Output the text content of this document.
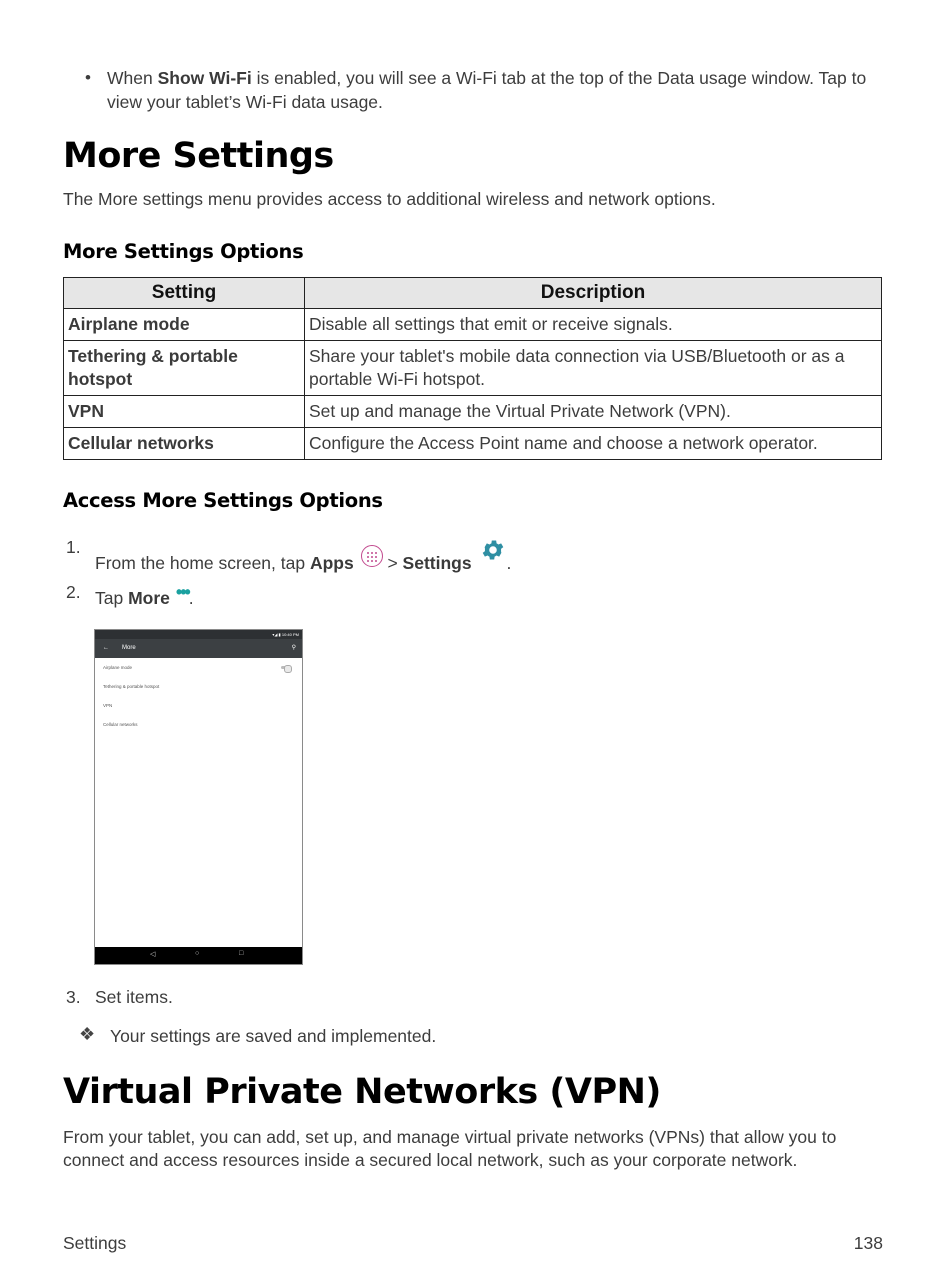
• When Show Wi-Fi is enabled, you will see a Wi-Fi tab at the top of the Data usage window. Tap to view your tablet’s Wi-Fi data usage.
More Settings
The More settings menu provides access to additional wireless and network options.
More Settings Options
Setting	Description
Airplane mode	Disable all settings that emit or receive signals.
Tethering & portable hotspot	Share your tablet's mobile data connection via USB/Bluetooth or as a portable Wi-Fi hotspot.
VPN	Set up and manage the Virtual Private Network (VPN).
Cellular networks	Configure the Access Point name and choose a network operator.
Access More Settings Options
1.
From the home screen, tap Apps
> Settings .
2. Tap More •••.
▾◢ ▮ 10:40 PM
← More	⚲
Airplane mode
Tethering & portable hotspot
VPN
Cellular networks
◁	○	□
3. Set items.
❖ Your settings are saved and implemented.
Virtual Private Networks (VPN)
From your tablet, you can add, set up, and manage virtual private networks (VPNs) that allow you to connect and access resources inside a secured local network, such as your corporate network.
Settings	138
